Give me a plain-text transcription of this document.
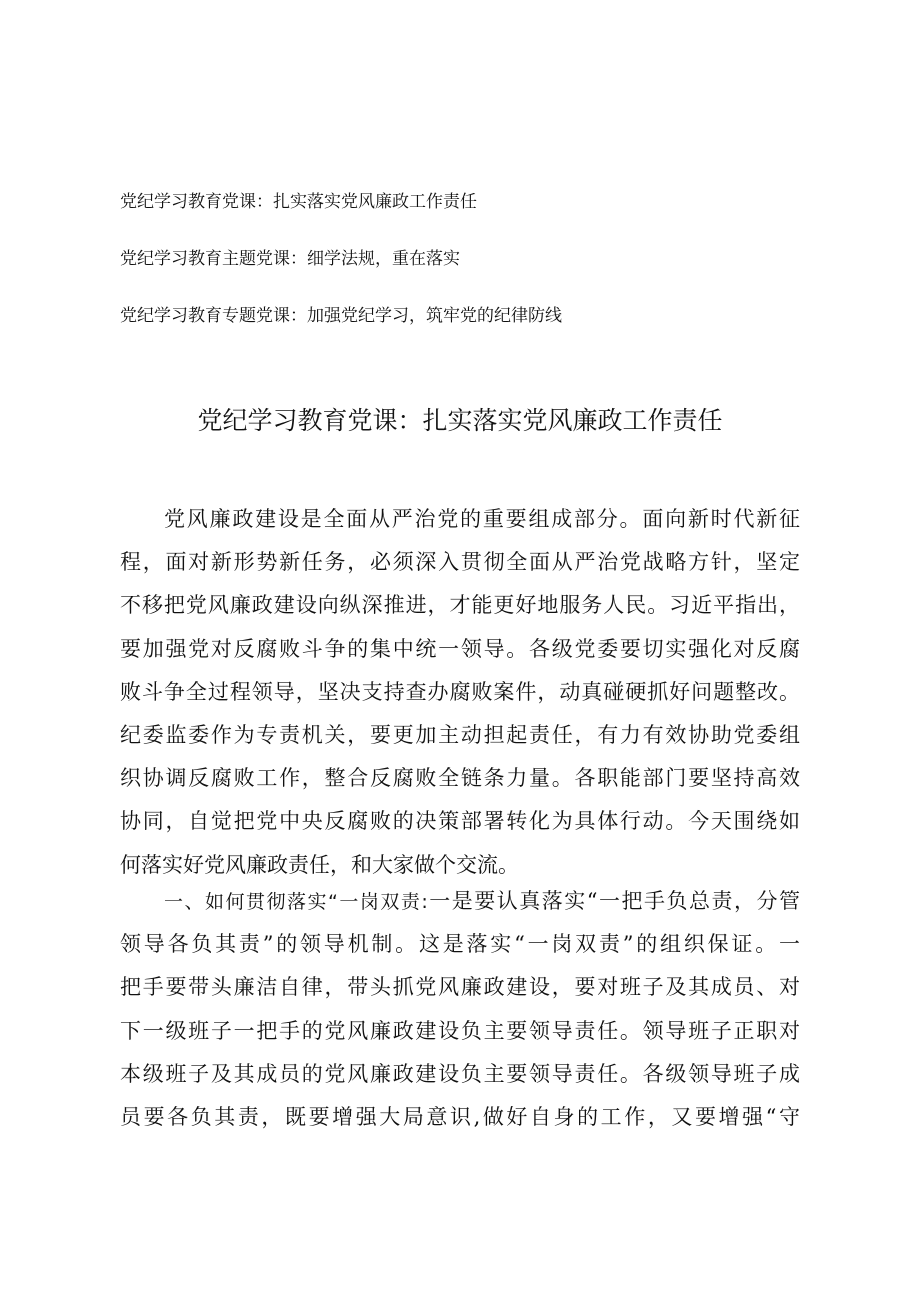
党纪学习教育党课：扎实落实党风廉政工作责任
党纪学习教育主题党课：细学法规，重在落实
党纪学习教育专题党课：加强党纪学习，筑牢党的纪律防线
党纪学习教育党课：扎实落实党风廉政工作责任
党风廉政建设是全面从严治党的重要组成部分。面向新时代新征
程，面对新形势新任务，必须深入贯彻全面从严治党战略方针，坚定
不移把党风廉政建设向纵深推进，才能更好地服务人民。习近平指出，
要加强党对反腐败斗争的集中统一领导。各级党委要切实强化对反腐
败斗争全过程领导，坚决支持查办腐败案件，动真碰硬抓好问题整改。
纪委监委作为专责机关，要更加主动担起责任，有力有效协助党委组
织协调反腐败工作，整合反腐败全链条力量。各职能部门要坚持高效
协同，自觉把党中央反腐败的决策部署转化为具体行动。今天围绕如
何落实好党风廉政责任，和大家做个交流。
一、如何贯彻落实“一岗双责:一是要认真落实“一把手负总责，分管
领导各负其责”的领导机制。这是落实“一岗双责”的组织保证。一
把手要带头廉洁自律，带头抓党风廉政建设，要对班子及其成员、对
下一级班子一把手的党风廉政建设负主要领导责任。领导班子正职对
本级班子及其成员的党风廉政建设负主要领导责任。各级领导班子成
员要各负其责，既要增强大局意识,做好自身的工作，又要增强“守
